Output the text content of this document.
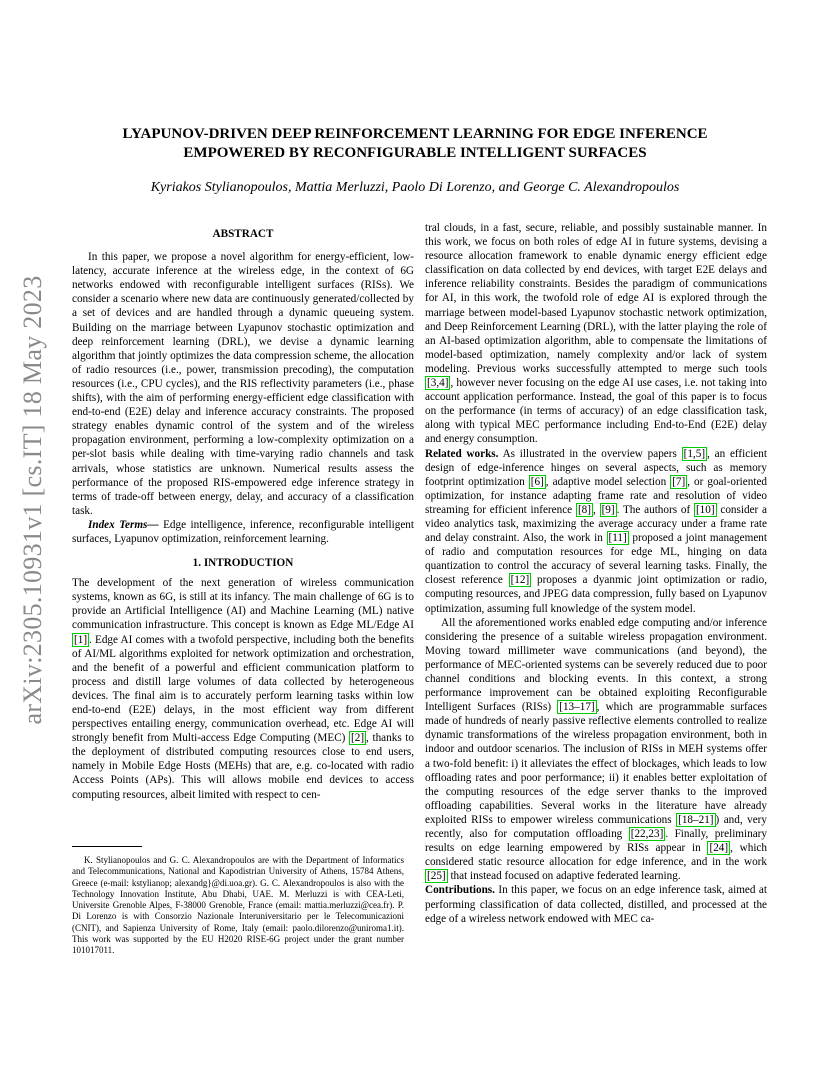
arXiv:2305.10931v1 [cs.IT] 18 May 2023
LYAPUNOV-DRIVEN DEEP REINFORCEMENT LEARNING FOR EDGE INFERENCE EMPOWERED BY RECONFIGURABLE INTELLIGENT SURFACES
Kyriakos Stylianopoulos, Mattia Merluzzi, Paolo Di Lorenzo, and George C. Alexandropoulos
ABSTRACT

In this paper, we propose a novel algorithm for energy-efficient, low-latency, accurate inference at the wireless edge, in the context of 6G networks endowed with reconfigurable intelligent surfaces (RISs). We consider a scenario where new data are continuously generated/collected by a set of devices and are handled through a dynamic queueing system. Building on the marriage between Lyapunov stochastic optimization and deep reinforcement learning (DRL), we devise a dynamic learning algorithm that jointly optimizes the data compression scheme, the allocation of radio resources (i.e., power, transmission precoding), the computation resources (i.e., CPU cycles), and the RIS reflectivity parameters (i.e., phase shifts), with the aim of performing energy-efficient edge classification with end-to-end (E2E) delay and inference accuracy constraints. The proposed strategy enables dynamic control of the system and of the wireless propagation environment, performing a low-complexity optimization on a per-slot basis while dealing with time-varying radio channels and task arrivals, whose statistics are unknown. Numerical results assess the performance of the proposed RIS-empowered edge inference strategy in terms of trade-off between energy, delay, and accuracy of a classification task.

Index Terms— Edge intelligence, inference, reconfigurable intelligent surfaces, Lyapunov optimization, reinforcement learning.

1. INTRODUCTION

The development of the next generation of wireless communication systems, known as 6G, is still at its infancy. The main challenge of 6G is to provide an Artificial Intelligence (AI) and Machine Learning (ML) native communication infrastructure. This concept is known as Edge ML/Edge AI [1] . Edge AI comes with a twofold perspective, including both the benefits of AI/ML algorithms exploited for network optimization and orchestration, and the benefit of a powerful and efficient communication platform to process and distill large volumes of data collected by heterogeneous devices. The final aim is to accurately perform learning tasks within low end-to-end (E2E) delays, in the most efficient way from different perspectives entailing energy, communication overhead, etc. Edge AI will strongly benefit from Multi-access Edge Computing (MEC) [2] , thanks to the deployment of distributed computing resources close to end users, namely in Mobile Edge Hosts (MEHs) that are, e.g. co-located with radio Access Points (APs). This will allows mobile end devices to access computing resources, albeit limited with respect to cen-

K. Stylianopoulos and G. C. Alexandropoulos are with the Department of Informatics and Telecommunications, National and Kapodistrian University of Athens, 15784 Athens, Greece (e-mail: kstylianop; alexandg}@di.uoa.gr). G. C. Alexandropoulos is also with the Technology Innovation Institute, Abu Dhabi, UAE. M. Merluzzi is with CEA-Leti, Universite Grenoble Alpes, F-38000 Grenoble, France (email: mattia.merluzzi@cea.fr). P. Di Lorenzo is with Consorzio Nazionale Interuniversitario per le Telecomunicazioni (CNIT), and Sapienza University of Rome, Italy (email: paolo.dilorenzo@uniroma1.it). This work was supported by the EU H2020 RISE-6G project under the grant number 101017011.

tral clouds, in a fast, secure, reliable, and possibly sustainable manner. In this work, we focus on both roles of edge AI in future systems, devising a resource allocation framework to enable dynamic energy efficient edge classification on data collected by end devices, with target E2E delays and inference reliability constraints. Besides the paradigm of communications for AI, in this work, the twofold role of edge AI is explored through the marriage between model-based Lyapunov stochastic network optimization, and Deep Reinforcement Learning (DRL), with the latter playing the role of an AI-based optimization algorithm, able to compensate the limitations of model-based optimization, namely complexity and/or lack of system modeling. Previous works successfully attempted to merge such tools [3,4] , however never focusing on the edge AI use cases, i.e. not taking into account application performance. Instead, the goal of this paper is to focus on the performance (in terms of accuracy) of an edge classification task, along with typical MEC performance including End-to-End (E2E) delay and energy consumption.

Related works. As illustrated in the overview papers [1,5] , an efficient design of edge-inference hinges on several aspects, such as memory footprint optimization [6] , adaptive model selection [7] , or goal-oriented optimization, for instance adapting frame rate and resolution of video streaming for efficient inference [8] , [9] . The authors of [10] consider a video analytics task, maximizing the average accuracy under a frame rate and delay constraint. Also, the work in [11] proposed a joint management of radio and computation resources for edge ML, hinging on data quantization to control the accuracy of several learning tasks. Finally, the closest reference [12] proposes a dyanmic joint optimization or radio, computing resources, and JPEG data compression, fully based on Lyapunov optimization, assuming full knowledge of the system model.

All the aforementioned works enabled edge computing and/or inference considering the presence of a suitable wireless propagation environment. Moving toward millimeter wave communications (and beyond), the performance of MEC-oriented systems can be severely reduced due to poor channel conditions and blocking events. In this context, a strong performance improvement can be obtained exploiting Reconfigurable Intelligent Surfaces (RISs) [13–17] , which are programmable surfaces made of hundreds of nearly passive reflective elements controlled to realize dynamic transformations of the wireless propagation environment, both in indoor and outdoor scenarios. The inclusion of RISs in MEH systems offer a two-fold benefit: i) it alleviates the effect of blockages, which leads to low offloading rates and poor performance; ii) it enables better exploitation of the computing resources of the edge server thanks to the improved offloading capabilities. Several works in the literature have already exploited RISs to empower wireless communications [18–21] ) and, very recently, also for computation offloading [22,23] . Finally, preliminary results on edge learning empowered by RISs appear in [24] , which considered static resource allocation for edge inference, and in the work [25] that instead focused on adaptive federated learning.

Contributions. In this paper, we focus on an edge inference task, aimed at performing classification of data collected, distilled, and processed at the edge of a wireless network endowed with MEC ca-
